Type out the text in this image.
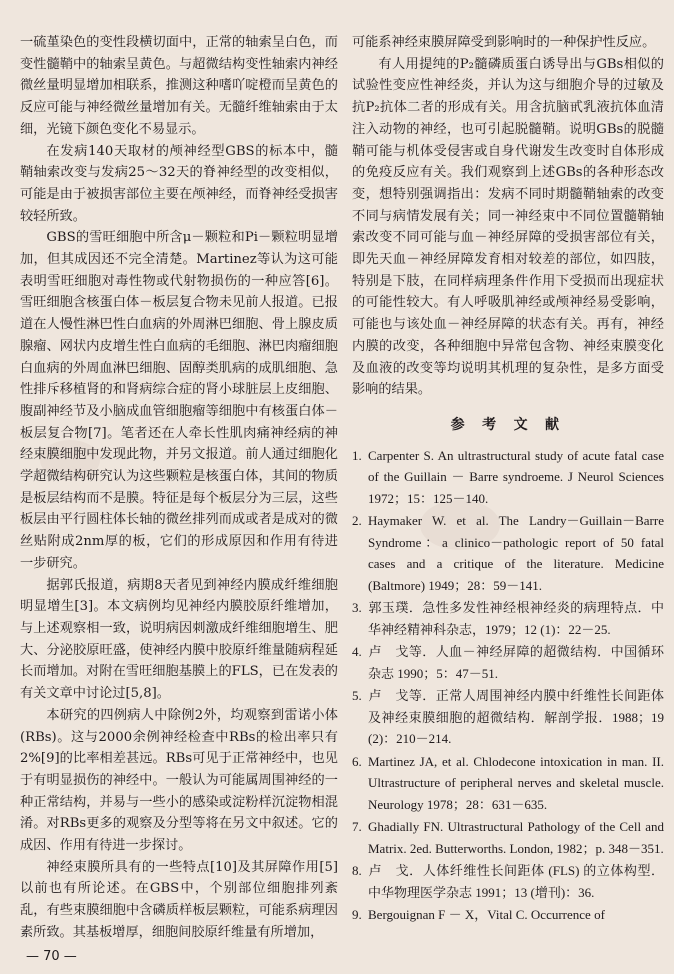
一硫堇染色的变性段横切面中，正常的轴索呈白色，而变性髓鞘中的轴索呈黄色。与超微结构变性轴索内神经微丝量明显增加相联系，推测这种嗜吖啶橙而呈黄色的反应可能与神经微丝量增加有关。无髓纤维轴索由于太细，光镜下颜色变化不易显示。

在发病140天取材的颅神经型GBS的标本中，髓鞘轴索改变与发病25～32天的脊神经型的改变相似，可能是由于被损害部位主要在颅神经，而脊神经受损害较轻所致。

GBS的雪旺细胞中所含μ－颗粒和Pi－颗粒明显增加，但其成因还不完全清楚。Martinez等认为这可能表明雪旺细胞对毒性物或代射物损伤的一种应答[6]。雪旺细胞含核蛋白体－板层复合物未见前人报道。已报道在人慢性淋巴性白血病的外周淋巴细胞、骨上腺皮质腺瘤、网状内皮增生性白血病的毛细胞、淋巴肉瘤细胞白血病的外周血淋巴细胞、固醇类肌病的成肌细胞、急性排斥移植肾的和肾病综合症的肾小球脏层上皮细胞、腹副神经节及小脑成血管细胞瘤等细胞中有核蛋白体－板层复合物[7]。笔者还在人牵长性肌肉痛神经病的神经束膜细胞中发现此物，并另文报道。前人通过细胞化学超微结构研究认为这些颗粒是核蛋白体，其间的物质是板层结构而不是膜。特征是每个板层分为三层，这些板层由平行圆柱体长轴的微丝排列而成或者是成对的微丝贴附成2nm厚的板，它们的形成原因和作用有待进一步研究。

据郭氏报道，病期8天者见到神经内膜成纤维细胞明显增生[3]。本文病例均见神经内膜胶原纤维增加，与上述观察相一致，说明病因刺激成纤维细胞增生、肥大、分泌胶原旺盛，使神经内膜中胶原纤维量随病程延长而增加。对附在雪旺细胞基膜上的FLS，已在发表的有关文章中讨论过[5,8]。

本研究的四例病人中除例2外，均观察到雷诺小体(RBs)。这与2000余例神经检查中RBs的检出率只有2%[9]的比率相差甚远。RBs可见于正常神经中，也见于有明显损伤的神经中。一般认为可能属周围神经的一种正常结构，并易与一些小的感染或淀粉样沉淀物相混淆。对RBs更多的观察及分型等将在另文中叙述。它的成因、作用有待进一步探讨。

神经束膜所具有的一些特点[10]及其屏障作用[5]以前也有所论述。在GBS中，个别部位细胞排列紊乱，有些束膜细胞中含磷质样板层颗粒，可能系病理因素所致。其基板增厚，细胞间胶原纤维量有所增加，

可能系神经束膜屏障受到影响时的一种保护性反应。

有人用提纯的P₂髓磷质蛋白诱导出与GBs相似的试验性变应性神经炎，并认为这与细胞介导的过敏及抗P₂抗体二者的形成有关。用含抗脑甙乳液抗体血清注入动物的神经，也可引起脱髓鞘。说明GBs的脱髓鞘可能与机体受侵害或自身代谢发生改变时自体形成的免疫反应有关。我们观察到上述GBs的各种形态改变，想特别强调指出：发病不同时期髓鞘轴索的改变不同与病情发展有关；同一神经束中不同位置髓鞘轴索改变不同可能与血－神经屏障的受损害部位有关，即先天血－神经屏障发育相对较差的部位，如四肢，特别是下肢，在同样病理条件作用下受损而出现症状的可能性较大。有人呼吸肌神经或颅神经易受影响，可能也与该处血－神经屏障的状态有关。再有，神经内膜的改变，各种细胞中异常包含物、神经束膜变化及血液的改变等均说明其机理的复杂性，是多方面受影响的结果。

参 考 文 献
1. Carpenter S. An ultrastructural study of acute fatal case of the Guillain － Barre syndroeme. J Neurol Sciences 1972；15：125－140.
2. Haymaker W. et al. The Landry－Guillain－Barre Syndrome：a clinico－pathologic report of 50 fatal cases and a critique of the literature. Medicine (Baltmore) 1949；28：59－141.
3. 郭玉璞．急性多发性神经根神经炎的病理特点．中华神经精神科杂志，1979；12 (1)：22－25.
4. 卢　戈等．人血－神经屏障的超微结构．中国循环杂志 1990；5：47－51.
5. 卢　戈等．正常人周围神经内膜中纤维性长间距体及神经束膜细胞的超微结构．解剖学报．1988；19 (2)：210－214.
6. Martinez JA, et al. Chlodecone intoxication in man. II. Ultrastructure of peripheral nerves and skeletal muscle. Neurology 1978；28：631－635.
7. Ghadially FN. Ultrastructural Pathology of the Cell and Matrix. 2ed. Butterworths. London, 1982；p. 348－351.
8. 卢　戈．人体纤维性长间距体 (FLS) 的立体构型．中华物理医学杂志 1991；13 (增刊)：36.
9. Bergouignan F － X，Vital C. Occurrence of
— 70 —
